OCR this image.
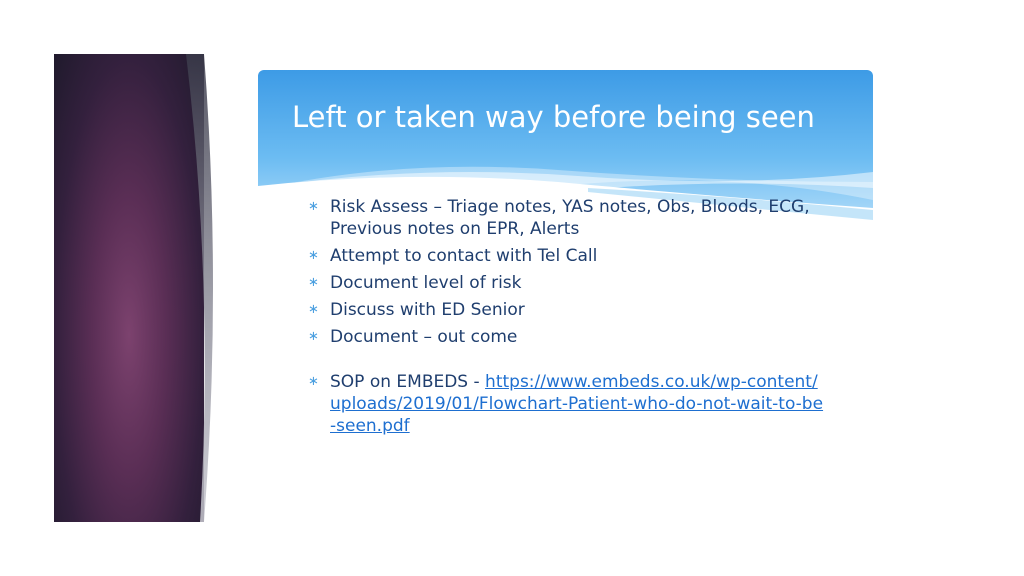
Left or taken way before being seen
∗ Risk Assess – Triage notes, YAS notes, Obs, Bloods, ECG, Previous notes on EPR, Alerts
∗ Attempt to contact with Tel Call
∗ Document level of risk
∗ Discuss with ED Senior
∗ Document – out come
∗ SOP on EMBEDS - https://www.embeds.co.uk/wp-content/uploads/2019/01/Flowchart-Patient-who-do-not-wait-to-be-seen.pdf
